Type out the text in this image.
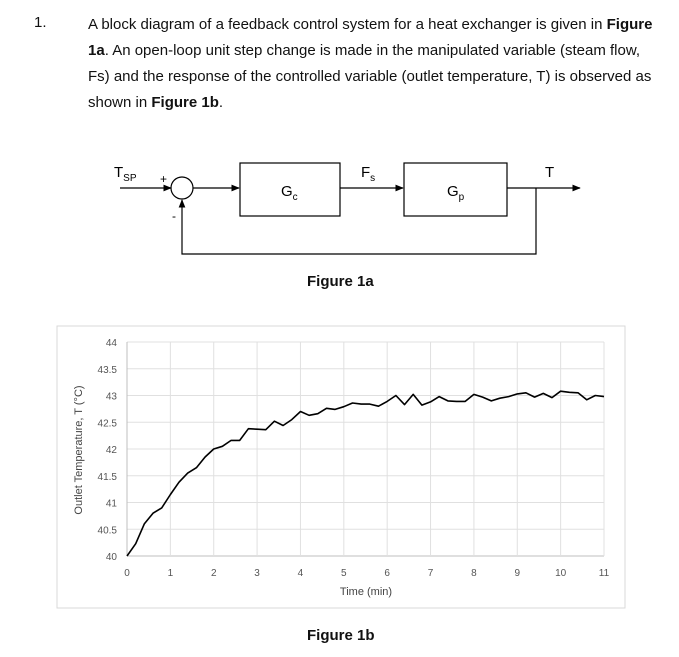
1.	A block diagram of a feedback control system for a heat exchanger is given in Figure 1a. An open-loop unit step change is made in the manipulated variable (steam flow, Fs) and the response of the controlled variable (outlet temperature, T) is observed as shown in Figure 1b.

$T_{SP}$ +
-
$G_c$
$F_s$
$G_p$
T
40
40.5
41
41.5
42
42.5
43
43.5
44
0	1	2	3	4	5	6	7	8	9	10	11
Outlet Temperature, T (°C)
Time (min)
Figure 1a
Figure 1b
